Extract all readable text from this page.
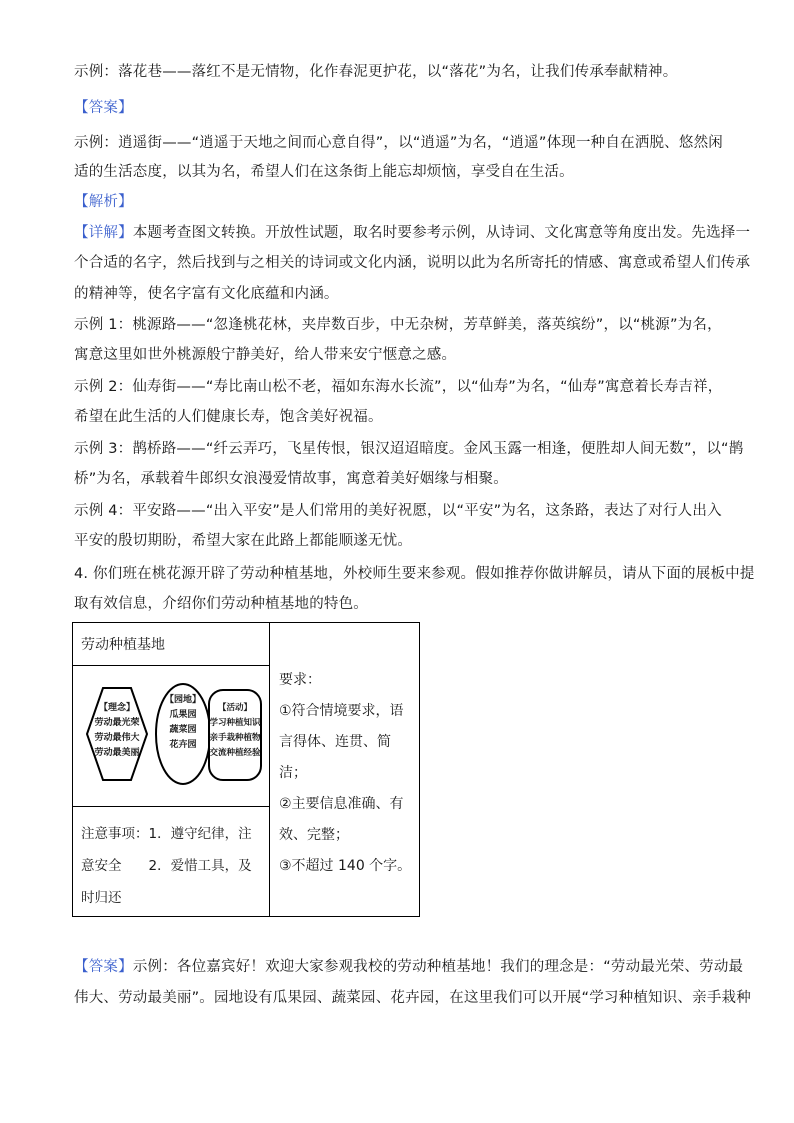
示例：落花巷——落红不是无情物，化作春泥更护花，以“落花”为名，让我们传承奉献精神。
【答案】
示例：逍遥街——“逍遥于天地之间而心意自得”，以“逍遥”为名，“逍遥”体现一种自在洒脱、悠然闲
适的生活态度，以其为名，希望人们在这条街上能忘却烦恼，享受自在生活。
【解析】
【详解】本题考查图文转换。开放性试题，取名时要参考示例，从诗词、文化寓意等角度出发。先选择一
个合适的名字，然后找到与之相关的诗词或文化内涵，说明以此为名所寄托的情感、寓意或希望人们传承
的精神等，使名字富有文化底蕴和内涵。
示例 1：桃源路——“忽逢桃花林，夹岸数百步，中无杂树，芳草鲜美，落英缤纷”，以“桃源”为名，
寓意这里如世外桃源般宁静美好，给人带来安宁惬意之感。
示例 2：仙寿街——“寿比南山松不老，福如东海水长流”，以“仙寿”为名，“仙寿”寓意着长寿吉祥，
希望在此生活的人们健康长寿，饱含美好祝福。
示例 3：鹊桥路——“纤云弄巧，飞星传恨，银汉迢迢暗度。金风玉露一相逢，便胜却人间无数”，以“鹊
桥”为名，承载着牛郎织女浪漫爱情故事，寓意着美好姻缘与相聚。
示例 4：平安路——“出入平安”是人们常用的美好祝愿，以“平安”为名，这条路，表达了对行人出入
平安的殷切期盼，希望大家在此路上都能顺遂无忧。
4. 你们班在桃花源开辟了劳动种植基地，外校师生要来参观。假如推荐你做讲解员，请从下面的展板中提
取有效信息，介绍你们劳动种植基地的特色。
劳动种植基地
【理念】
劳动最光荣
劳动最伟大
劳动最美丽
【园地】
瓜果园
蔬菜园
花卉园
【活动】
学习种植知识
亲手栽种植物
交流种植经验
注意事项：1．遵守纪律，注
意安全　　2．爱惜工具，及
时归还
要求：
①符合情境要求，语
言得体、连贯、简
洁；
②主要信息准确、有
效、完整；
③不超过 140 个字。
【答案】示例：各位嘉宾好！欢迎大家参观我校的劳动种植基地！我们的理念是：“劳动最光荣、劳动最
伟大、劳动最美丽”。园地设有瓜果园、蔬菜园、花卉园，在这里我们可以开展“学习种植知识、亲手栽种
